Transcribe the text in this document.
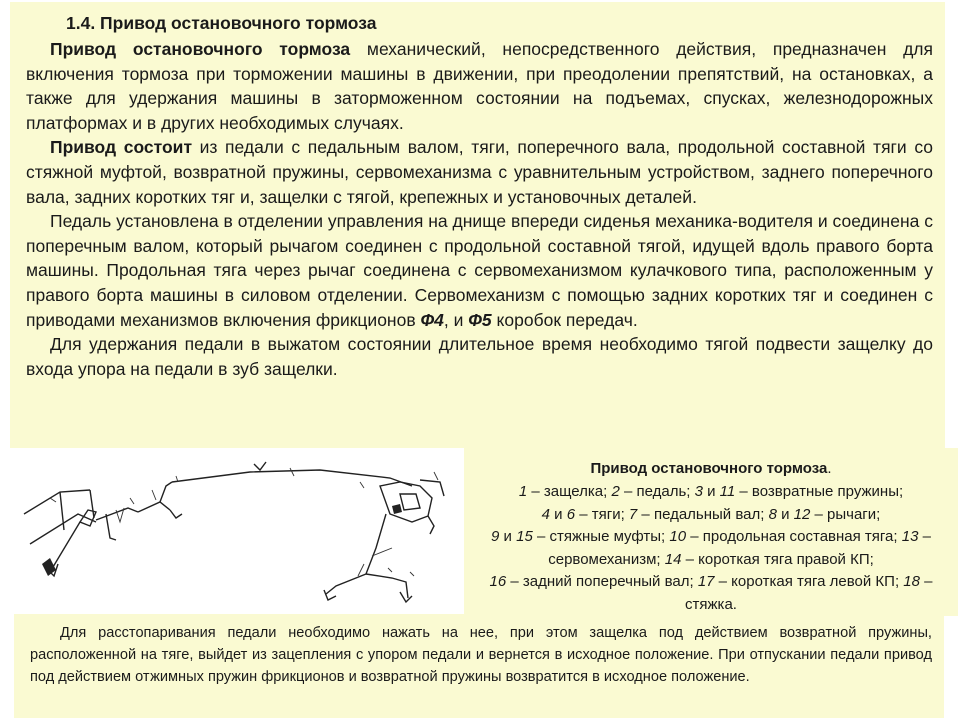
1.4. Привод остановочного тормоза

Привод остановочного тормоза механический, непосредственного действия, предназначен для включения тормоза при торможении машины в движении, при преодолении препятствий, на остановках, а также для удержания машины в заторможенном состоянии на подъемах, спусках, железнодорожных платформах и в других необходимых случаях.

Привод состоит из педали с педальным валом, тяги, поперечного вала, продольной составной тяги со стяжной муфтой, возвратной пружины, сервомеханизма с уравнительным устройством, заднего поперечного вала, задних коротких тяг и, защелки с тягой, крепежных и установочных деталей.

Педаль установлена в отделении управления на днище впереди сиденья механика-водителя и соединена с поперечным валом, который рычагом соединен с продольной составной тягой, идущей вдоль правого борта машины. Продольная тяга через рычаг соединена с сервомеханизмом кулачкового типа, расположенным у правого борта машины в силовом отделении. Сервомеханизм с помощью задних коротких тяг и соединен с приводами механизмов включения фрикционов Ф4, и Ф5 коробок передач.

Для удержания педали в выжатом состоянии длительное время необходимо тягой подвести защелку до входа упора на педали в зуб защелки.

Привод остановочного тормоза.

1 – защелка; 2 – педаль; 3 и 11 – возвратные пружины;
4 и 6 – тяги; 7 – педальный вал; 8 и 12 – рычаги;
9 и 15 – стяжные муфты; 10 – продольная составная тяга; 13 – сервомеханизм; 14 – короткая тяга правой КП;
16 – задний поперечный вал; 17 – короткая тяга левой КП; 18 – стяжка.

Для расстопаривания педали необходимо нажать на нее, при этом защелка под действием возвратной пружины, расположенной на тяге, выйдет из зацепления с упором педали и вернется в исходное положение. При отпускании педали привод под действием отжимных пружин фрикционов и возвратной пружины возвратится в исходное положение.
